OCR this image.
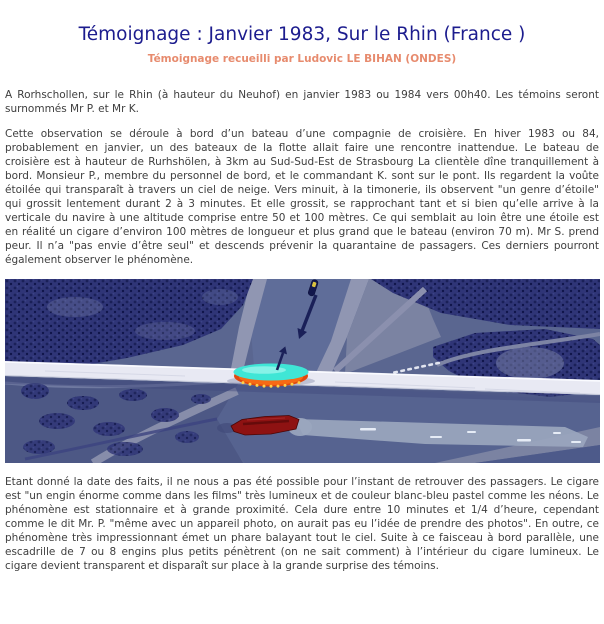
Témoignage : Janvier 1983, Sur le Rhin (France )
Témoignage recueilli par Ludovic LE BIHAN (ONDES)

A Rorhschollen, sur le Rhin (à hauteur du Neuhof) en janvier 1983 ou 1984 vers 00h40. Les témoins seront surnommés Mr P. et Mr K.

Cette observation se déroule à bord d’un bateau d’une compagnie de croisière. En hiver 1983 ou 84, probablement en janvier, un des bateaux de la flotte allait faire une rencontre inattendue. Le bateau de croisière est à hauteur de Rurhshölen, à 3km au Sud-Sud-Est de Strasbourg La clientèle dîne tranquillement à bord. Monsieur P., membre du personnel de bord, et le commandant K. sont sur le pont. Ils regardent la voûte étoilée qui transparaît à travers un ciel de neige. Vers minuit, à la timonerie, ils observent "un genre d’étoile" qui grossit lentement durant 2 à 3 minutes. Et elle grossit, se rapprochant tant et si bien qu’elle arrive à la verticale du navire à une altitude comprise entre 50 et 100 mètres. Ce qui semblait au loin être une étoile est en réalité un cigare d’environ 100 mètres de longueur et plus grand que le bateau (environ 70 m). Mr S. prend peur. Il n’a "pas envie d’être seul" et descends prévenir la quarantaine de passagers. Ces derniers pourront également observer le phénomène.

Etant donné la date des faits, il ne nous a pas été possible pour l’instant de retrouver des passagers. Le cigare est "un engin énorme comme dans les films" très lumineux et de couleur blanc-bleu pastel comme les néons. Le phénomène est stationnaire et à grande proximité. Cela dure entre 10 minutes et 1/4 d’heure, cependant comme le dit Mr. P. "même avec un appareil photo, on aurait pas eu l’idée de prendre des photos". En outre, ce phénomène très impressionnant émet un phare balayant tout le ciel. Suite à ce faisceau à bord parallèle, une escadrille de 7 ou 8 engins plus petits pénètrent (on ne sait comment) à l’intérieur du cigare lumineux. Le cigare devient transparent et disparaît sur place à la grande surprise des témoins.
